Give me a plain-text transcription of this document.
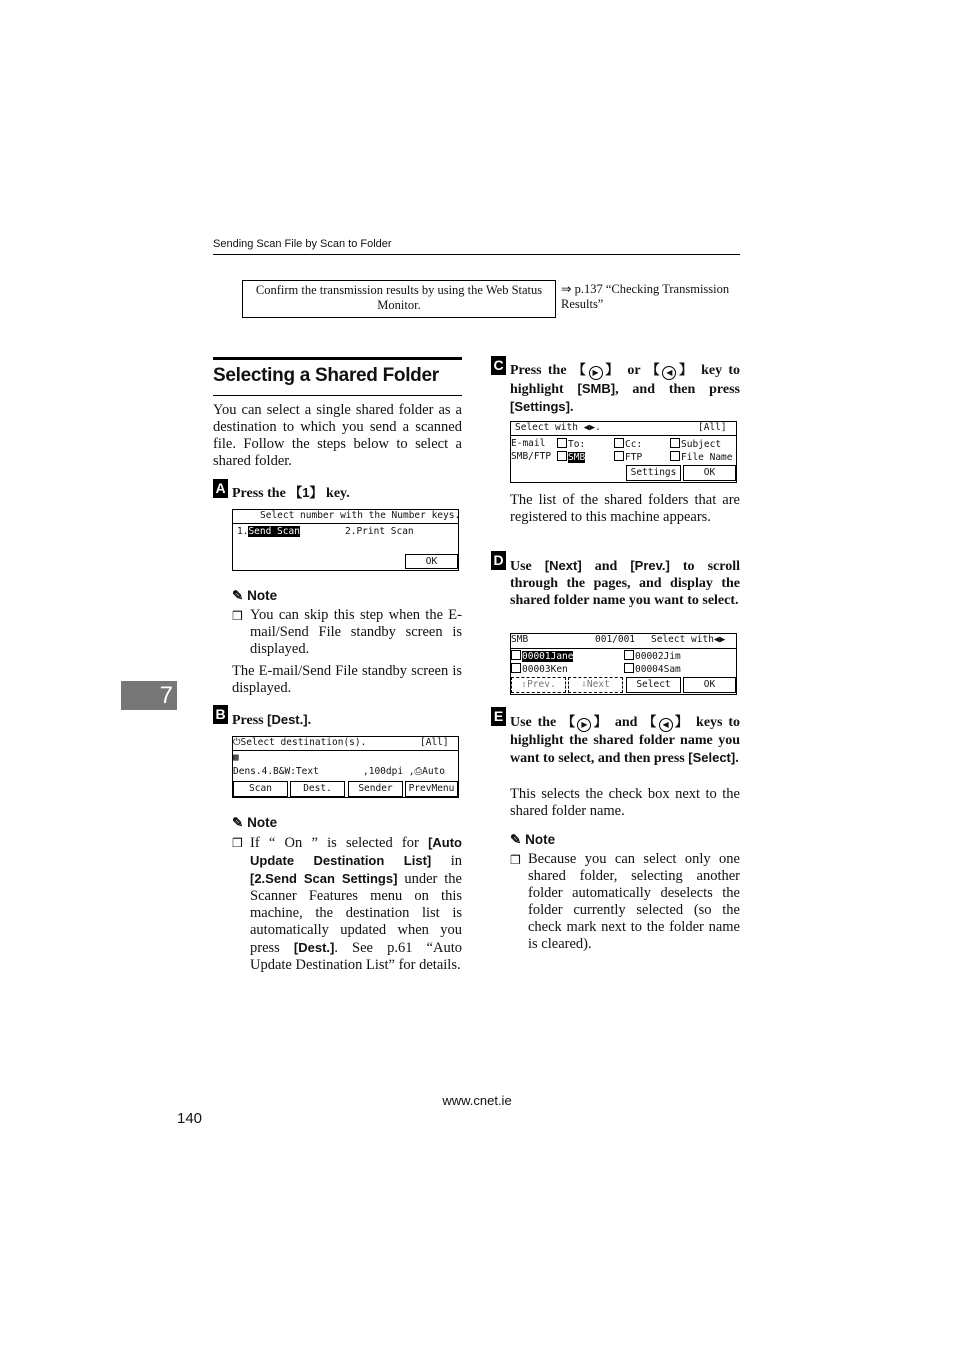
Sending Scan File by Scan to Folder
Confirm the transmission results by using the Web Status Monitor.
⇒ p.137 “Checking Transmission Results”
Selecting a Shared Folder
You can select a single shared folder as a destination to which you send a scanned file. Follow the steps below to select a shared folder.
A Press the 【1】 key.
Select number with the Number keys.
1.Send Scan	2.Print Scan
OK
✎ Note
❒ You can skip this step when the E-mail/Send File standby screen is displayed.
The E-mail/Send File standby screen is displayed.
B Press [Dest.].
⏻Select destination(s).	[All]
▩
Dens.4.B&W:Text	,100dpi ,⎙Auto
Scan	Dest.	Sender	PrevMenu
✎ Note
❒ If “ On ” is selected for [Auto Update Destination List] in [2.Send Scan Settings] under the Scanner Features menu on this machine, the destination list is automatically updated when you press [Dest.]. See p.61 “Auto Update Destination List” for details.
C Press the 【 ▶ 】 or 【 ◀ 】 key to highlight [SMB], and then press [Settings].
Select with ◀▶.	[All]
E-mail	To:	Cc:	Subject
SMB/FTP	SMB	FTP	File Name
Settings	OK
The list of the shared folders that are registered to this machine appears.
D Use [Next] and [Prev.] to scroll through the pages, and display the shared folder name you want to select.
SMB	001/001 Select with◀▶
00001Jane	00002Jim
00003Ken	00004Sam
⇧Prev.	⇩Next	Select	OK
E Use the 【 ▶ 】 and 【 ◀ 】 keys to highlight the shared folder name you want to select, and then press [Select].
This selects the check box next to the shared folder name.
✎ Note
❒ Because you can select only one shared folder, selecting another folder automatically deselects the folder currently selected (so the check mark next to the folder name is cleared).
7
www.cnet.ie
140
